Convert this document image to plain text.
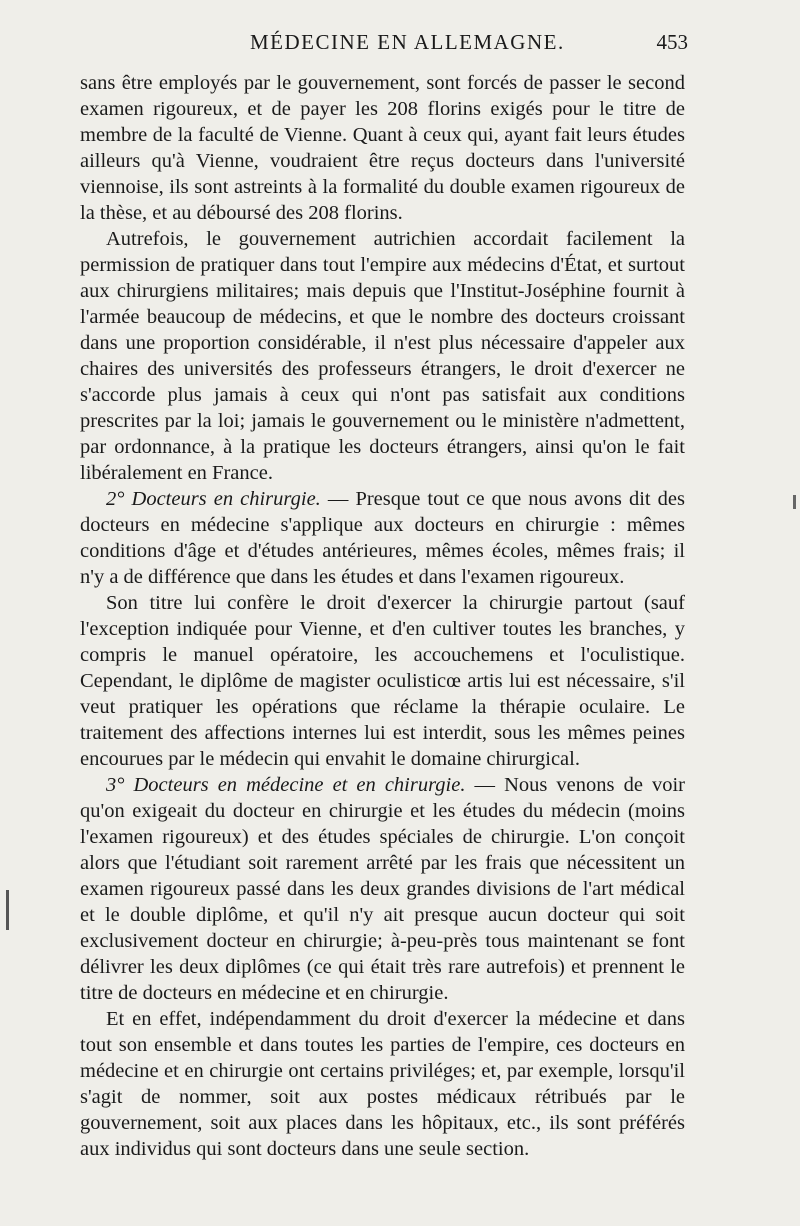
MÉDECINE EN ALLEMAGNE.	453

sans être employés par le gouvernement, sont forcés de passer le second examen rigoureux, et de payer les 208 florins exigés pour le titre de membre de la faculté de Vienne. Quant à ceux qui, ayant fait leurs études ailleurs qu'à Vienne, voudraient être reçus docteurs dans l'université viennoise, ils sont astreints à la formalité du double examen rigoureux de la thèse, et au déboursé des 208 florins.

Autrefois, le gouvernement autrichien accordait facilement la permission de pratiquer dans tout l'empire aux médecins d'État, et surtout aux chirurgiens militaires; mais depuis que l'Institut-Joséphine fournit à l'armée beaucoup de médecins, et que le nombre des docteurs croissant dans une proportion considérable, il n'est plus nécessaire d'appeler aux chaires des universités des professeurs étrangers, le droit d'exercer ne s'accorde plus jamais à ceux qui n'ont pas satisfait aux conditions prescrites par la loi; jamais le gouvernement ou le ministère n'admettent, par ordonnance, à la pratique les docteurs étrangers, ainsi qu'on le fait libéralement en France.

2° Docteurs en chirurgie. — Presque tout ce que nous avons dit des docteurs en médecine s'applique aux docteurs en chirurgie : mêmes conditions d'âge et d'études antérieures, mêmes écoles, mêmes frais; il n'y a de différence que dans les études et dans l'examen rigoureux.

Son titre lui confère le droit d'exercer la chirurgie partout (sauf l'exception indiquée pour Vienne, et d'en cultiver toutes les branches, y compris le manuel opératoire, les accouchemens et l'oculistique. Cependant, le diplôme de magister oculisticœ artis lui est nécessaire, s'il veut pratiquer les opérations que réclame la thérapie oculaire. Le traitement des affections internes lui est interdit, sous les mêmes peines encourues par le médecin qui envahit le domaine chirurgical.

3° Docteurs en médecine et en chirurgie. — Nous venons de voir qu'on exigeait du docteur en chirurgie et les études du médecin (moins l'examen rigoureux) et des études spéciales de chirurgie. L'on conçoit alors que l'étudiant soit rarement arrêté par les frais que nécessitent un examen rigoureux passé dans les deux grandes divisions de l'art médical et le double diplôme, et qu'il n'y ait presque aucun docteur qui soit exclusivement docteur en chirurgie; à-peu-près tous maintenant se font délivrer les deux diplômes (ce qui était très rare autrefois) et prennent le titre de docteurs en médecine et en chirurgie.

Et en effet, indépendamment du droit d'exercer la médecine et dans tout son ensemble et dans toutes les parties de l'empire, ces docteurs en médecine et en chirurgie ont certains priviléges; et, par exemple, lorsqu'il s'agit de nommer, soit aux postes médicaux rétribués par le gouvernement, soit aux places dans les hôpitaux, etc., ils sont préférés aux individus qui sont docteurs dans une seule section.
